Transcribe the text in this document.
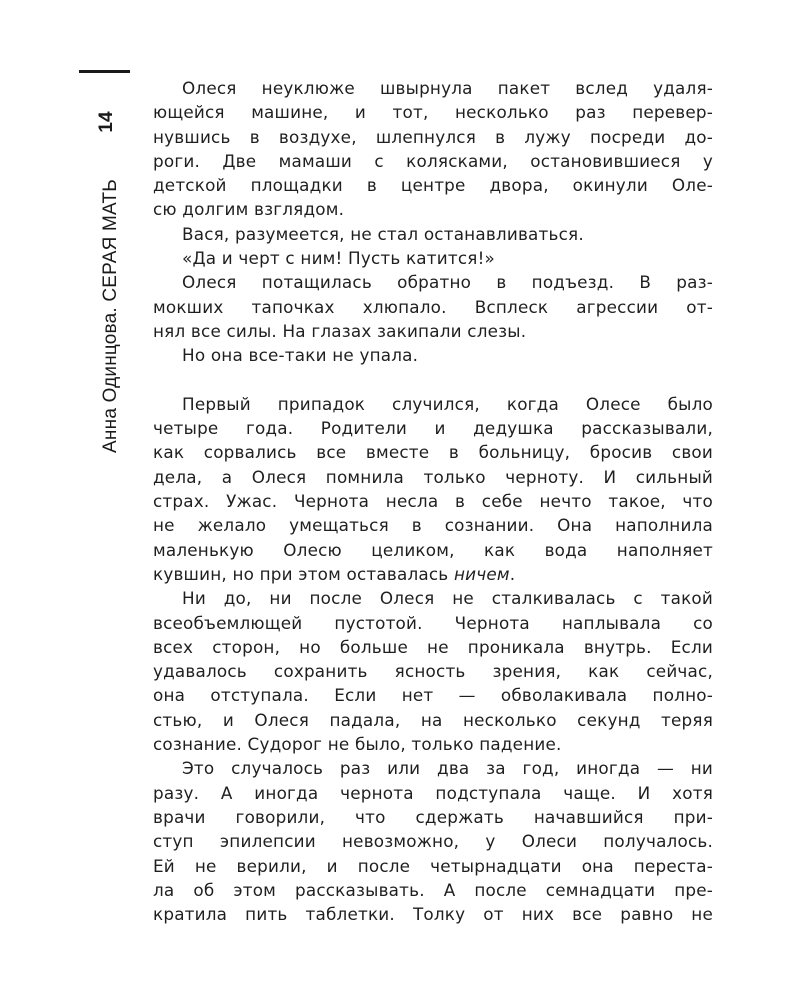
14
Анна Одинцова. СЕРАЯ МАТЬ
Олеся неуклюже швырнула пакет вслед удаля-
ющейся машине, и тот, несколько раз перевер-
нувшись в воздухе, шлепнулся в лужу посреди до-
роги. Две мамаши с колясками, остановившиеся у
детской площадки в центре двора, окинули Оле-
сю долгим взглядом.
Вася, разумеется, не стал останавливаться.
«Да и черт с ним! Пусть катится!»
Олеся потащилась обратно в подъезд. В раз-
мокших тапочках хлюпало. Всплеск агрессии от-
нял все силы. На глазах закипали слезы.
Но она все-таки не упала.
Первый припадок случился, когда Олесе было
четыре года. Родители и дедушка рассказывали,
как сорвались все вместе в больницу, бросив свои
дела, а Олеся помнила только черноту. И сильный
страх. Ужас. Чернота несла в себе нечто такое, что
не желало умещаться в сознании. Она наполнила
маленькую Олесю целиком, как вода наполняет
кувшин, но при этом оставалась ничем.
Ни до, ни после Олеся не сталкивалась с такой
всеобъемлющей пустотой. Чернота наплывала со
всех сторон, но больше не проникала внутрь. Если
удавалось сохранить ясность зрения, как сейчас,
она отступала. Если нет — обволакивала полно-
стью, и Олеся падала, на несколько секунд теряя
сознание. Судорог не было, только падение.
Это случалось раз или два за год, иногда — ни
разу. А иногда чернота подступала чаще. И хотя
врачи говорили, что сдержать начавшийся при-
ступ эпилепсии невозможно, у Олеси получалось.
Ей не верили, и после четырнадцати она переста-
ла об этом рассказывать. А после семнадцати пре-
кратила пить таблетки. Толку от них все равно не
